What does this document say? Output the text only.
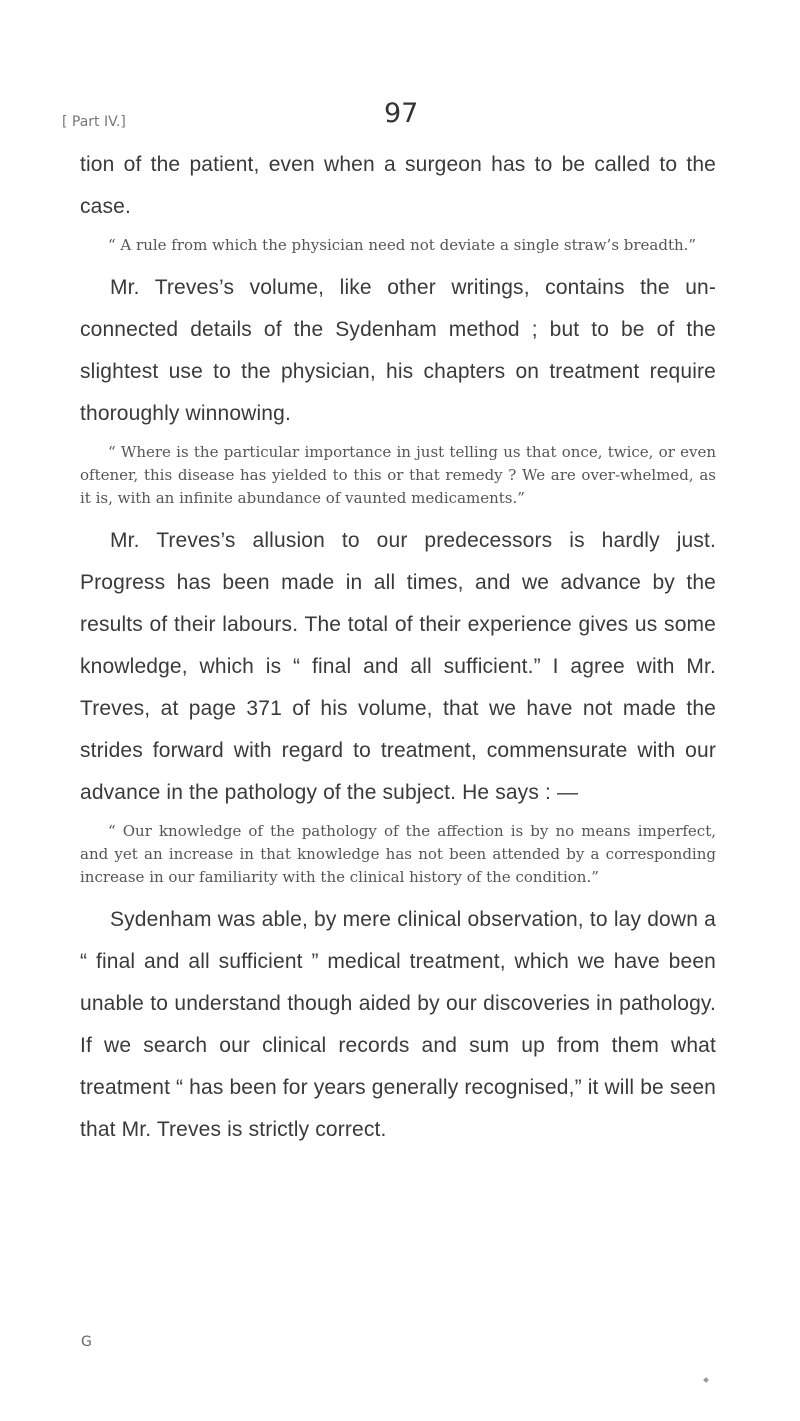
[ Part IV.]	97

tion of the patient, even when a surgeon has to be called to the case.

“ A rule from which the physician need not deviate a single straw’s breadth.”

Mr. Treves’s volume, like other writings, contains the un-connected details of the Sydenham method ; but to be of the slightest use to the physician, his chapters on treatment require thoroughly winnowing.

“ Where is the particular importance in just telling us that once, twice, or even oftener, this disease has yielded to this or that remedy ? We are over-whelmed, as it is, with an infinite abundance of vaunted medicaments.”

Mr. Treves’s allusion to our predecessors is hardly just. Progress has been made in all times, and we advance by the results of their labours. The total of their experience gives us some knowledge, which is “ final and all sufficient.” I agree with Mr. Treves, at page 371 of his volume, that we have not made the strides forward with regard to treatment, commensurate with our advance in the pathology of the subject. He says : —

“ Our knowledge of the pathology of the affection is by no means imperfect, and yet an increase in that knowledge has not been attended by a corresponding increase in our familiarity with the clinical history of the condition.”

Sydenham was able, by mere clinical observation, to lay down a “ final and all sufficient ” medical treatment, which we have been unable to understand though aided by our discoveries in pathology. If we search our clinical records and sum up from them what treatment “ has been for years generally recognised,” it will be seen that Mr. Treves is strictly correct.

G
